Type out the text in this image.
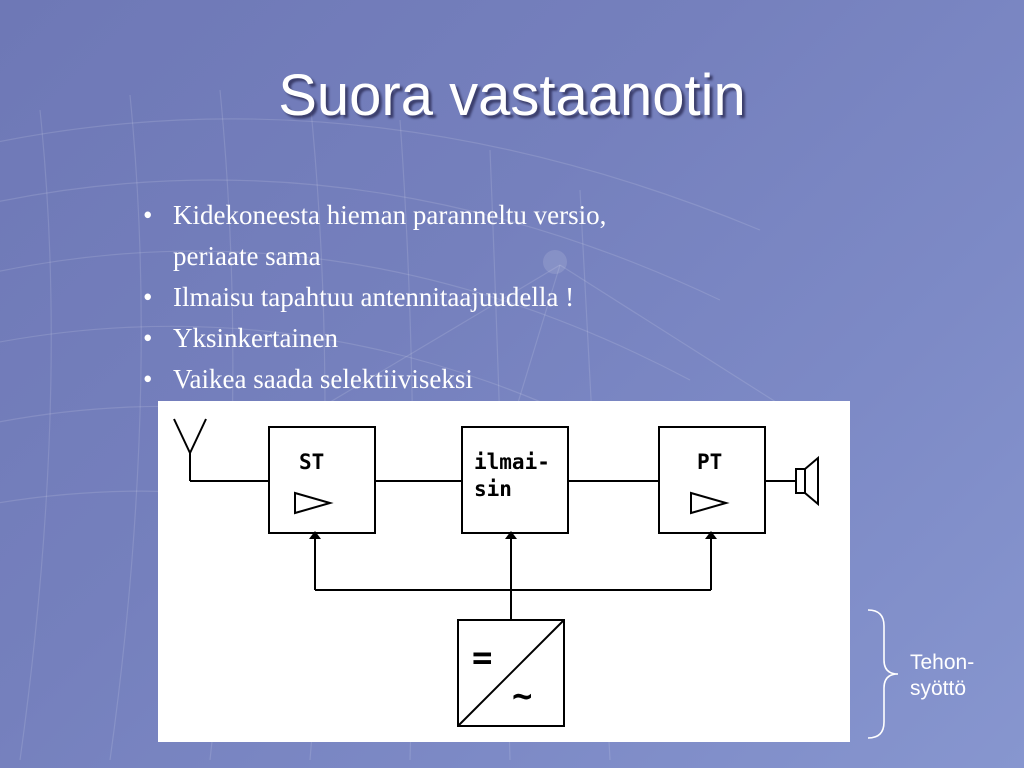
Suora vastaanotin
• Kidekoneesta hieman paranneltu versio,
periaate sama
• Ilmaisu tapahtuu antennitaajuudella !
• Yksinkertainen
• Vaikea saada selektiiviseksi
ST	ilmai-
sin
PT
=
~
Tehon-
syöttö
